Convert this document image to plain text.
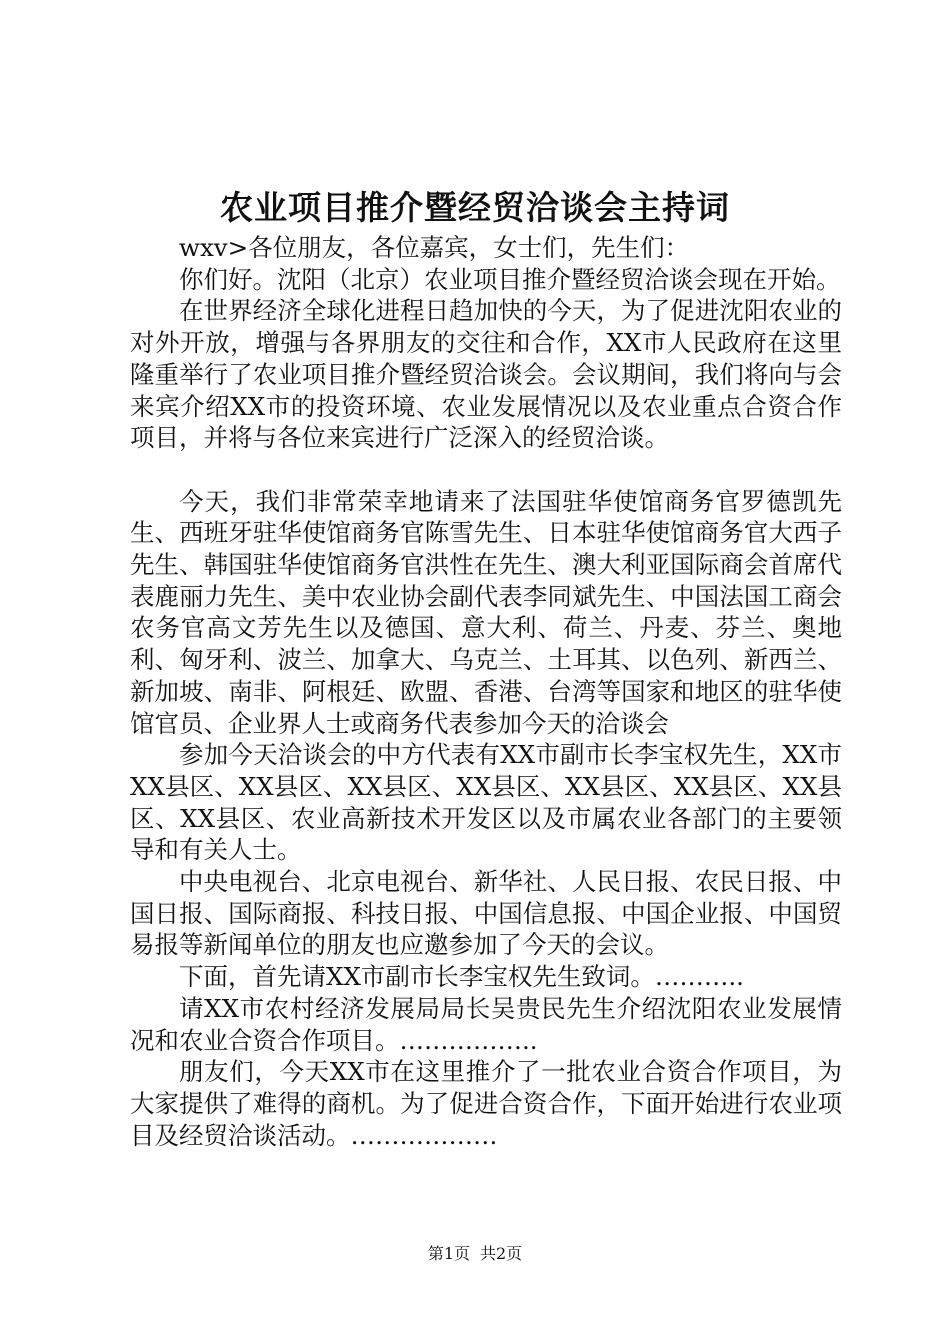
农业项目推介暨经贸洽谈会主持词

wxv>各位朋友，各位嘉宾，女士们，先生们：

你们好。沈阳（北京）农业项目推介暨经贸洽谈会现在开始。

在世界经济全球化进程日趋加快的今天，为了促进沈阳农业的对外开放，增强与各界朋友的交往和合作，XX市人民政府在这里隆重举行了农业项目推介暨经贸洽谈会。会议期间，我们将向与会来宾介绍XX市的投资环境、农业发展情况以及农业重点合资合作项目，并将与各位来宾进行广泛深入的经贸洽谈。

今天，我们非常荣幸地请来了法国驻华使馆商务官罗德凯先生、西班牙驻华使馆商务官陈雪先生、日本驻华使馆商务官大西子先生、韩国驻华使馆商务官洪性在先生、澳大利亚国际商会首席代表鹿丽力先生、美中农业协会副代表李同斌先生、中国法国工商会农务官高文芳先生以及德国、意大利、荷兰、丹麦、芬兰、奥地利、匈牙利、波兰、加拿大、乌克兰、土耳其、以色列、新西兰、新加坡、南非、阿根廷、欧盟、香港、台湾等国家和地区的驻华使馆官员、企业界人士或商务代表参加今天的洽谈会

参加今天洽谈会的中方代表有XX市副市长李宝权先生，XX市XX县区、XX县区、XX县区、XX县区、XX县区、XX县区、XX县区、XX县区、农业高新技术开发区以及市属农业各部门的主要领导和有关人士。

中央电视台、北京电视台、新华社、人民日报、农民日报、中国日报、国际商报、科技日报、中国信息报、中国企业报、中国贸易报等新闻单位的朋友也应邀参加了今天的会议。

下面，首先请XX市副市长李宝权先生致词。………..

请XX市农村经济发展局局长吴贵民先生介绍沈阳农业发展情况和农业合资合作项目。……………..

朋友们，今天XX市在这里推介了一批农业合资合作项目，为大家提供了难得的商机。为了促进合资合作，下面开始进行农业项目及经贸洽谈活动。………………

第1页 共2页
